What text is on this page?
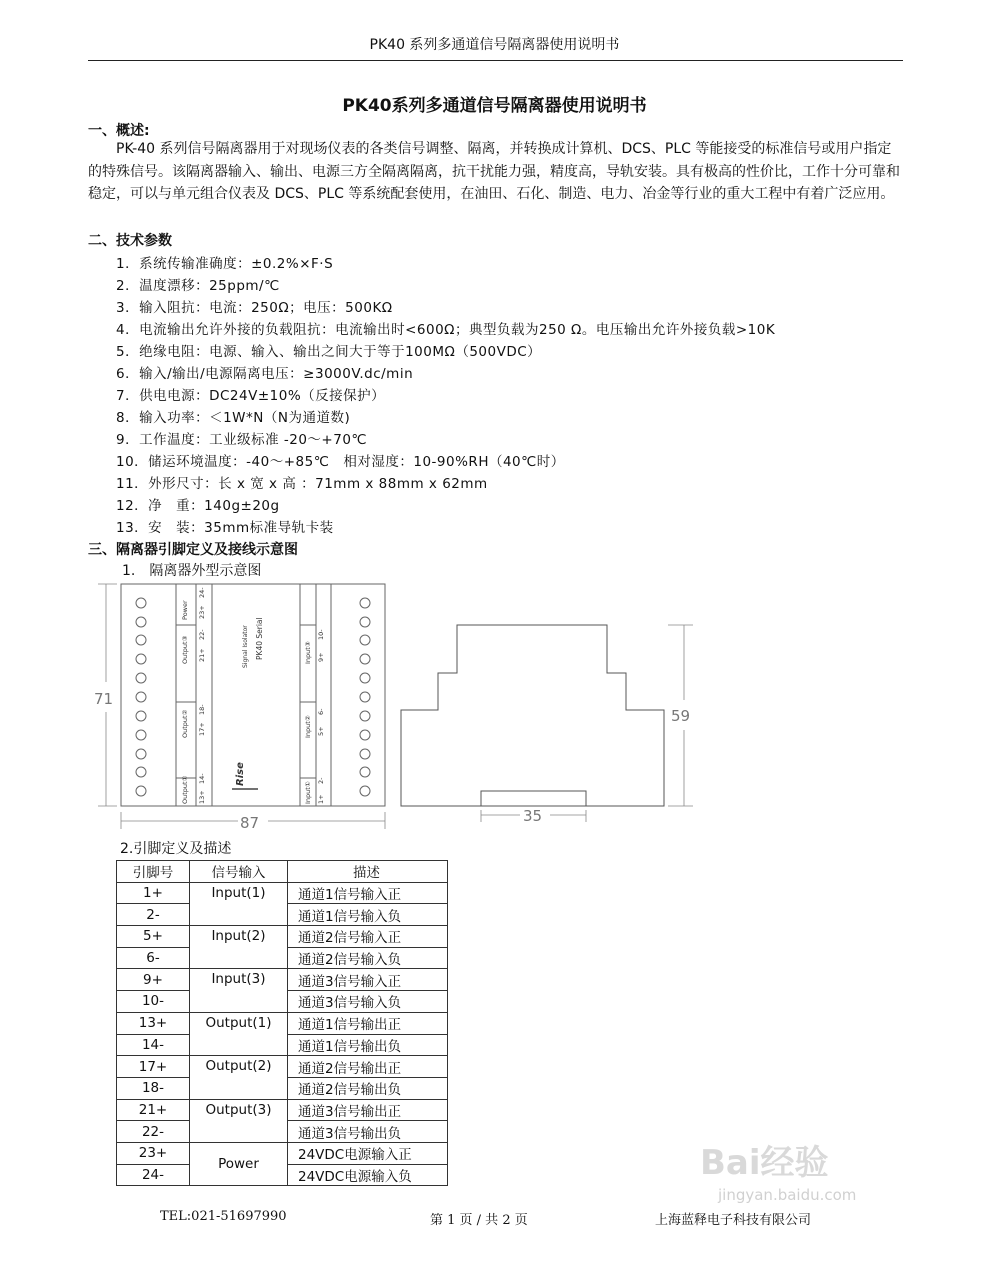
PK40 系列多通道信号隔离器使用说明书
PK40系列多通道信号隔离器使用说明书
一、概述:
PK-40 系列信号隔离器用于对现场仪表的各类信号调整、隔离，并转换成计算机、DCS、PLC 等能接受的标准信号或用户指定的特殊信号。该隔离器输入、输出、电源三方全隔离隔离，抗干扰能力强，精度高，导轨安装。具有极高的性价比，工作十分可靠和稳定，可以与单元组合仪表及 DCS、PLC 等系统配套使用，在油田、石化、制造、电力、冶金等行业的重大工程中有着广泛应用。
二、技术参数
1．系统传输准确度：±0.2%×F·S
2．温度漂移：25ppm/℃
3．输入阻抗：电流：250Ω；电压：500KΩ
4．电流输出允许外接的负载阻抗：电流输出时<600Ω；典型负载为250 Ω。电压输出允许外接负载>10K
5．绝缘电阻：电源、输入、输出之间大于等于100MΩ（500VDC）
6．输入/输出/电源隔离电压：≥3000V.dc/min
7．供电电源：DC24V±10%（反接保护）
8．输入功率：＜1W*N（N为通道数)
9．工作温度：工业级标准 -20～+70℃
10．储运环境温度：-40～+85℃　相对湿度：10-90%RH（40℃时）
11．外形尺寸：长 x 宽 x 高 ：71mm x 88mm x 62mm
12．净　重：140g±20g
13．安　装：35mm标准导轨卡装
三、隔离器引脚定义及接线示意图
1.　隔离器外型示意图
Power
24-
23+
Output③
22-
21+
Output② 18-
17+
Output① 14-
13+
Input③
10-
9+
Input②
6-
5+
Input①
2-
1+
Signal Isolator PK40 Serial
Rise
71
87
59
35
2.引脚定义及描述
引脚号	信号输入	描述
1+	Input(1)	通道1信号输入正
2-		通道1信号输入负
5+	Input(2)	通道2信号输入正
6-		通道2信号输入负
9+	Input(3)	通道3信号输入正
10-		通道3信号输入负
13+	Output(1)	通道1信号输出正
14-		通道1信号输出负
17+	Output(2)	通道2信号输出正
18-		通道2信号输出负
21+	Output(3)	通道3信号输出正
22-		通道3信号输出负
23+	Power	24VDC电源输入正
24-		24VDC电源输入负
TEL:021-51697990	第 1 页 / 共 2 页	上海蓝释电子科技有限公司
Bai经验
jingyan.baidu.com
